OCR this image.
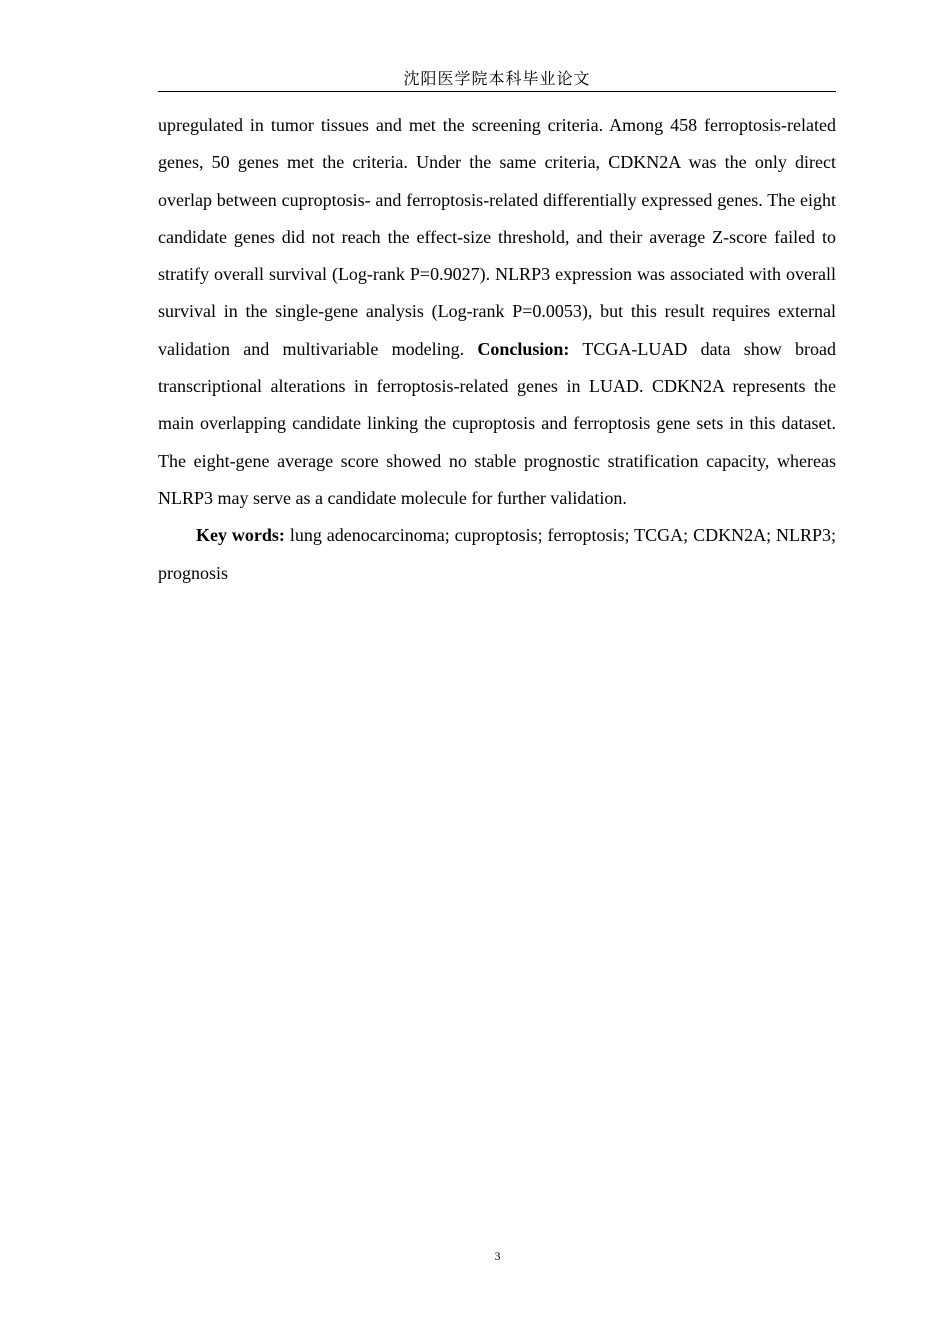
沈阳医学院本科毕业论文

upregulated in tumor tissues and met the screening criteria. Among 458 ferroptosis-related genes, 50 genes met the criteria. Under the same criteria, CDKN2A was the only direct overlap between cuproptosis- and ferroptosis-related differentially expressed genes. The eight candidate genes did not reach the effect-size threshold, and their average Z-score failed to stratify overall survival (Log-rank P=0.9027). NLRP3 expression was associated with overall survival in the single-gene analysis (Log-rank P=0.0053), but this result requires external validation and multivariable modeling. Conclusion: TCGA-LUAD data show broad transcriptional alterations in ferroptosis-related genes in LUAD. CDKN2A represents the main overlapping candidate linking the cuproptosis and ferroptosis gene sets in this dataset. The eight-gene average score showed no stable prognostic stratification capacity, whereas NLRP3 may serve as a candidate molecule for further validation.

Key words: lung adenocarcinoma; cuproptosis; ferroptosis; TCGA; CDKN2A; NLRP3; prognosis

3
